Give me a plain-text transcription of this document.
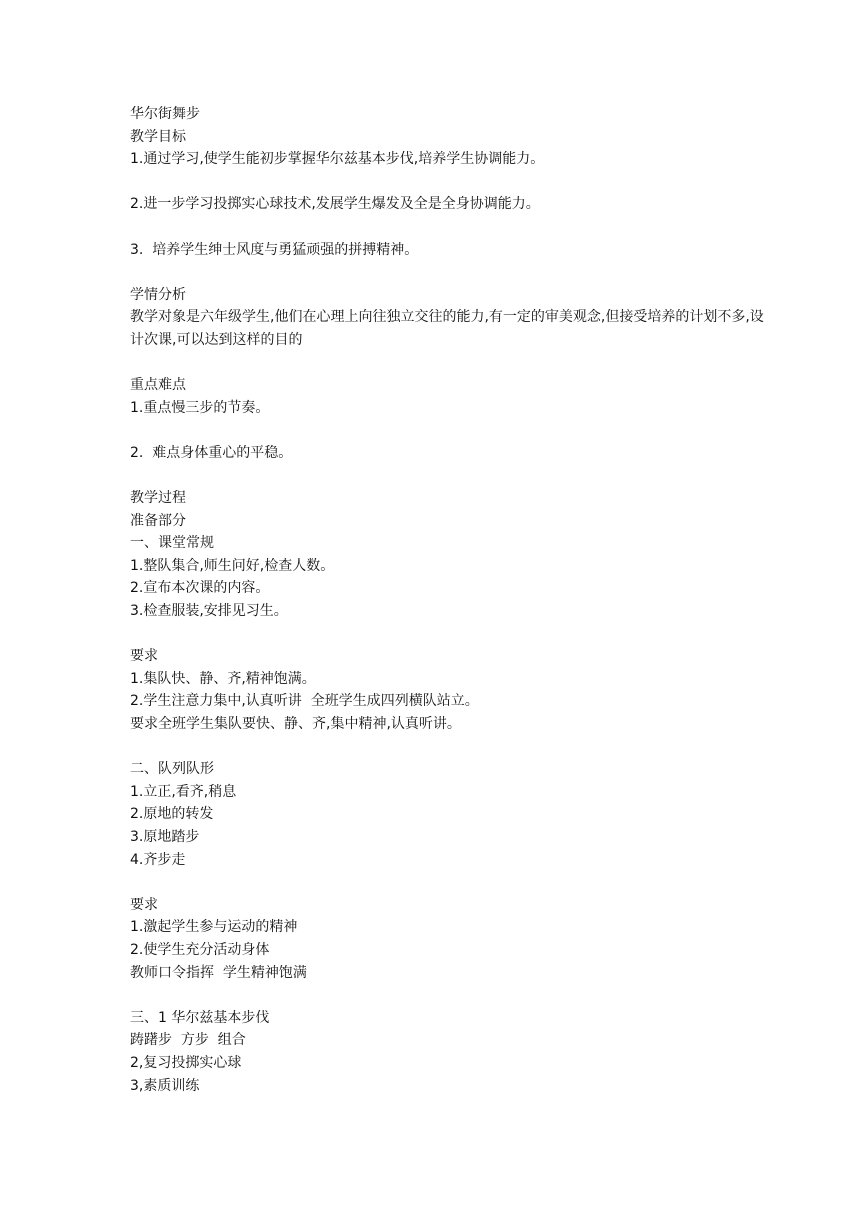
华尔街舞步
教学目标
1.通过学习,使学生能初步掌握华尔兹基本步伐,培养学生协调能力。
2.进一步学习投掷实心球技术,发展学生爆发及全是全身协调能力。
3.  培养学生绅士风度与勇猛顽强的拼搏精神。
学情分析
教学对象是六年级学生,他们在心理上向往独立交往的能力,有一定的审美观念,但接受培养的计划不多,设计次课,可以达到这样的目的
重点难点
1.重点慢三步的节奏。
2.  难点身体重心的平稳。
教学过程
准备部分
一、课堂常规
1.整队集合,师生问好,检查人数。
2.宣布本次课的内容。
3.检查服装,安排见习生。
要求
1.集队快、静、齐,精神饱满。
2.学生注意力集中,认真听讲  全班学生成四列横队站立。
要求全班学生集队要快、静、齐,集中精神,认真听讲。
二、队列队形
1.立正,看齐,稍息
2.原地的转发
3.原地踏步
4.齐步走
要求
1.激起学生参与运动的精神
2.使学生充分活动身体
教师口令指挥  学生精神饱满
三、1 华尔兹基本步伐
踌躇步  方步  组合
2,复习投掷实心球
3,素质训练
